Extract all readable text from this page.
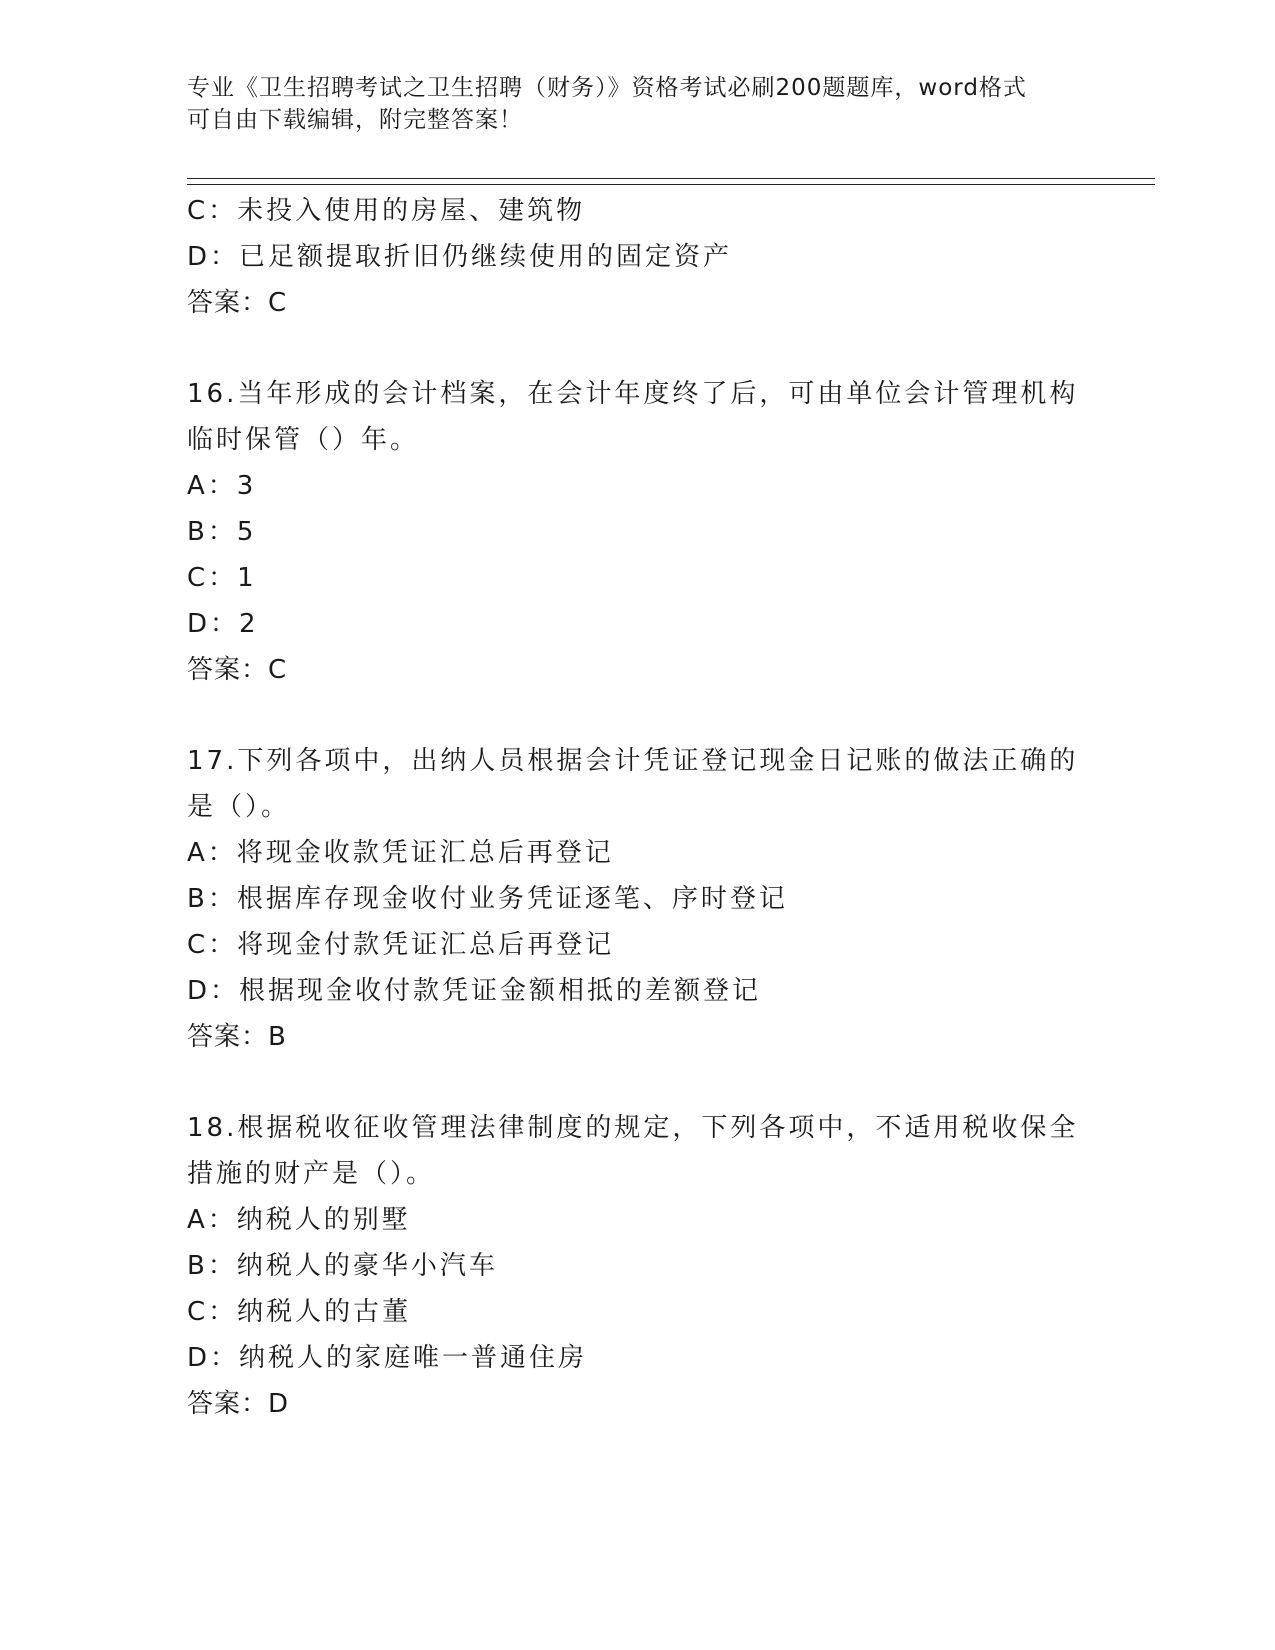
专业《卫生招聘考试之卫生招聘（财务）》资格考试必刷200题题库，word格式
可自由下载编辑，附完整答案！
C：未投入使用的房屋、建筑物
D：已足额提取折旧仍继续使用的固定资产
答案：C
16.当年形成的会计档案，在会计年度终了后，可由单位会计管理机构
临时保管（）年。
A：3
B：5
C：1
D：2
答案：C
17.下列各项中，出纳人员根据会计凭证登记现金日记账的做法正确的
是（）。
A：将现金收款凭证汇总后再登记
B：根据库存现金收付业务凭证逐笔、序时登记
C：将现金付款凭证汇总后再登记
D：根据现金收付款凭证金额相抵的差额登记
答案：B
18.根据税收征收管理法律制度的规定，下列各项中，不适用税收保全
措施的财产是（）。
A：纳税人的别墅
B：纳税人的豪华小汽车
C：纳税人的古董
D：纳税人的家庭唯一普通住房
答案：D
